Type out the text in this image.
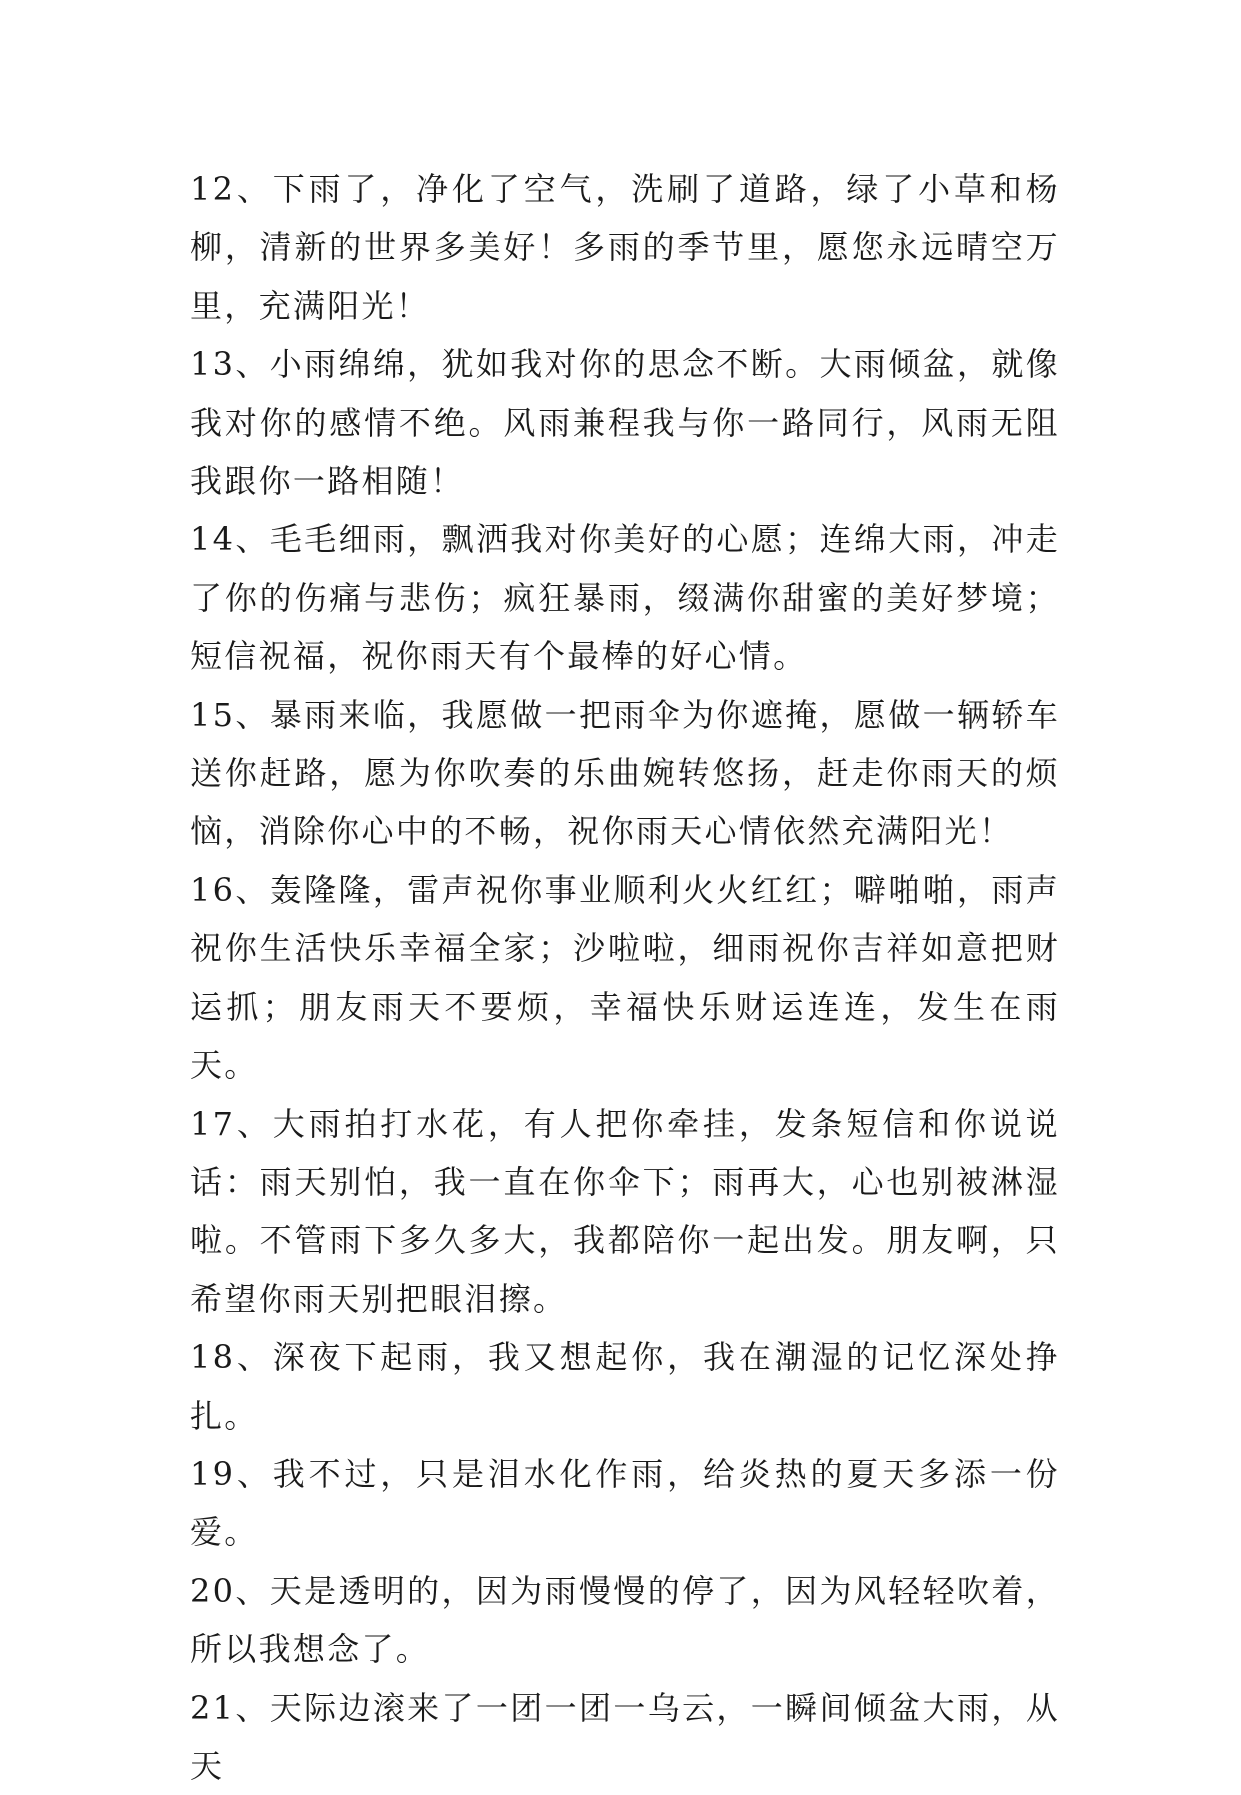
12、下雨了，净化了空气，洗刷了道路，绿了小草和杨柳，清新的世界多美好！多雨的季节里，愿您永远晴空万里，充满阳光！

13、小雨绵绵，犹如我对你的思念不断。大雨倾盆，就像我对你的感情不绝。风雨兼程我与你一路同行，风雨无阻我跟你一路相随！

14、毛毛细雨，飘洒我对你美好的心愿；连绵大雨，冲走了你的伤痛与悲伤；疯狂暴雨，缀满你甜蜜的美好梦境；短信祝福，祝你雨天有个最棒的好心情。

15、暴雨来临，我愿做一把雨伞为你遮掩，愿做一辆轿车送你赶路，愿为你吹奏的乐曲婉转悠扬，赶走你雨天的烦恼，消除你心中的不畅，祝你雨天心情依然充满阳光！

16、轰隆隆，雷声祝你事业顺利火火红红；噼啪啪，雨声祝你生活快乐幸福全家；沙啦啦，细雨祝你吉祥如意把财运抓；朋友雨天不要烦，幸福快乐财运连连，发生在雨天。

17、大雨拍打水花，有人把你牵挂，发条短信和你说说话：雨天别怕，我一直在你伞下；雨再大，心也别被淋湿啦。不管雨下多久多大，我都陪你一起出发。朋友啊，只希望你雨天别把眼泪擦。

18、深夜下起雨，我又想起你，我在潮湿的记忆深处挣扎。

19、我不过，只是泪水化作雨，给炎热的夏天多添一份爱。

20、天是透明的，因为雨慢慢的停了，因为风轻轻吹着，所以我想念了。

21、天际边滚来了一团一团一乌云，一瞬间倾盆大雨，从天
